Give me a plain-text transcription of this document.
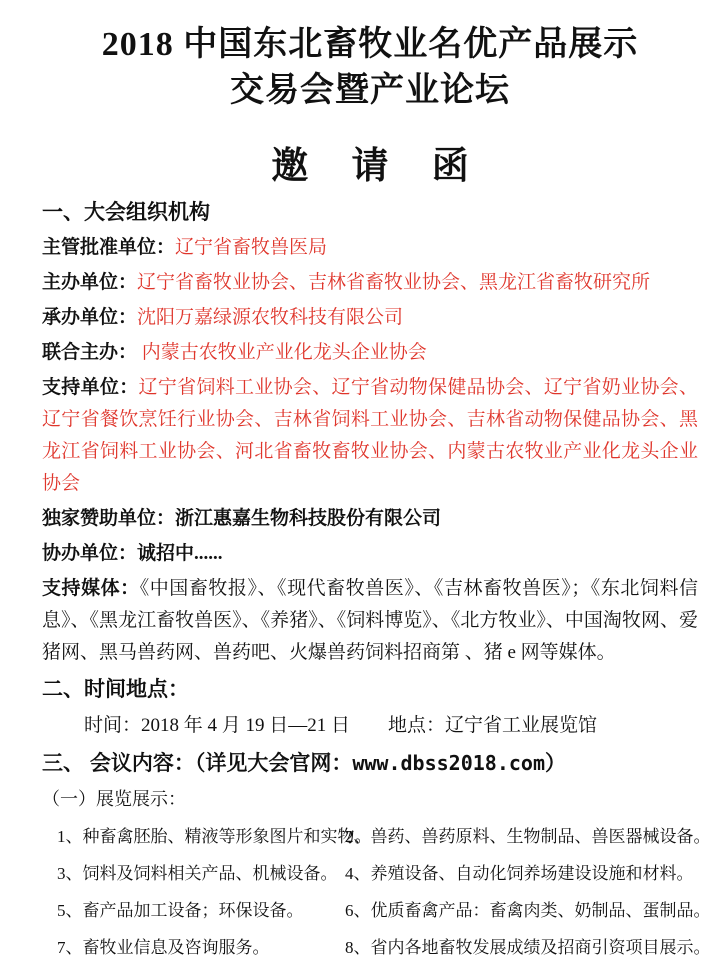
2018 中国东北畜牧业名优产品展示
交易会暨产业论坛
邀 请 函
一、大会组织机构

主管批准单位：辽宁省畜牧兽医局

主办单位：辽宁省畜牧业协会、吉林省畜牧业协会、黑龙江省畜牧研究所

承办单位：沈阳万嘉绿源农牧科技有限公司

联合主办： 内蒙古农牧业产业化龙头企业协会

支持单位：辽宁省饲料工业协会、辽宁省动物保健品协会、辽宁省奶业协会、辽宁省餐饮烹饪行业协会、吉林省饲料工业协会、吉林省动物保健品协会、黑龙江省饲料工业协会、河北省畜牧畜牧业协会、内蒙古农牧业产业化龙头企业协会

独家赞助单位：浙江惠嘉生物科技股份有限公司

协办单位：诚招中......

支持媒体：《中国畜牧报》、《现代畜牧兽医》、《吉林畜牧兽医》；《东北饲料信息》、《黑龙江畜牧兽医》、《养猪》、《饲料博览》、《北方牧业》、中国淘牧网、爱猪网、黑马兽药网、兽药吧、火爆兽药饲料招商第 、猪 e 网等媒体。

二、时间地点：

时间：2018 年 4 月 19 日—21 日 地点：辽宁省工业展览馆

三、 会议内容：（详见大会官网：www.dbss2018.com）

（一）展览展示：

1、种畜禽胚胎、精液等形象图片和实物。
2、兽药、兽药原料、生物制品、兽医器械设备。
3、饲料及饲料相关产品、机械设备。 4、养殖设备、自动化饲养场建设设施和材料。
5、畜产品加工设备；环保设备。	6、优质畜禽产品：畜禽肉类、奶制品、蛋制品。
7、畜牧业信息及咨询服务。	8、省内各地畜牧发展成绩及招商引资项目展示。
